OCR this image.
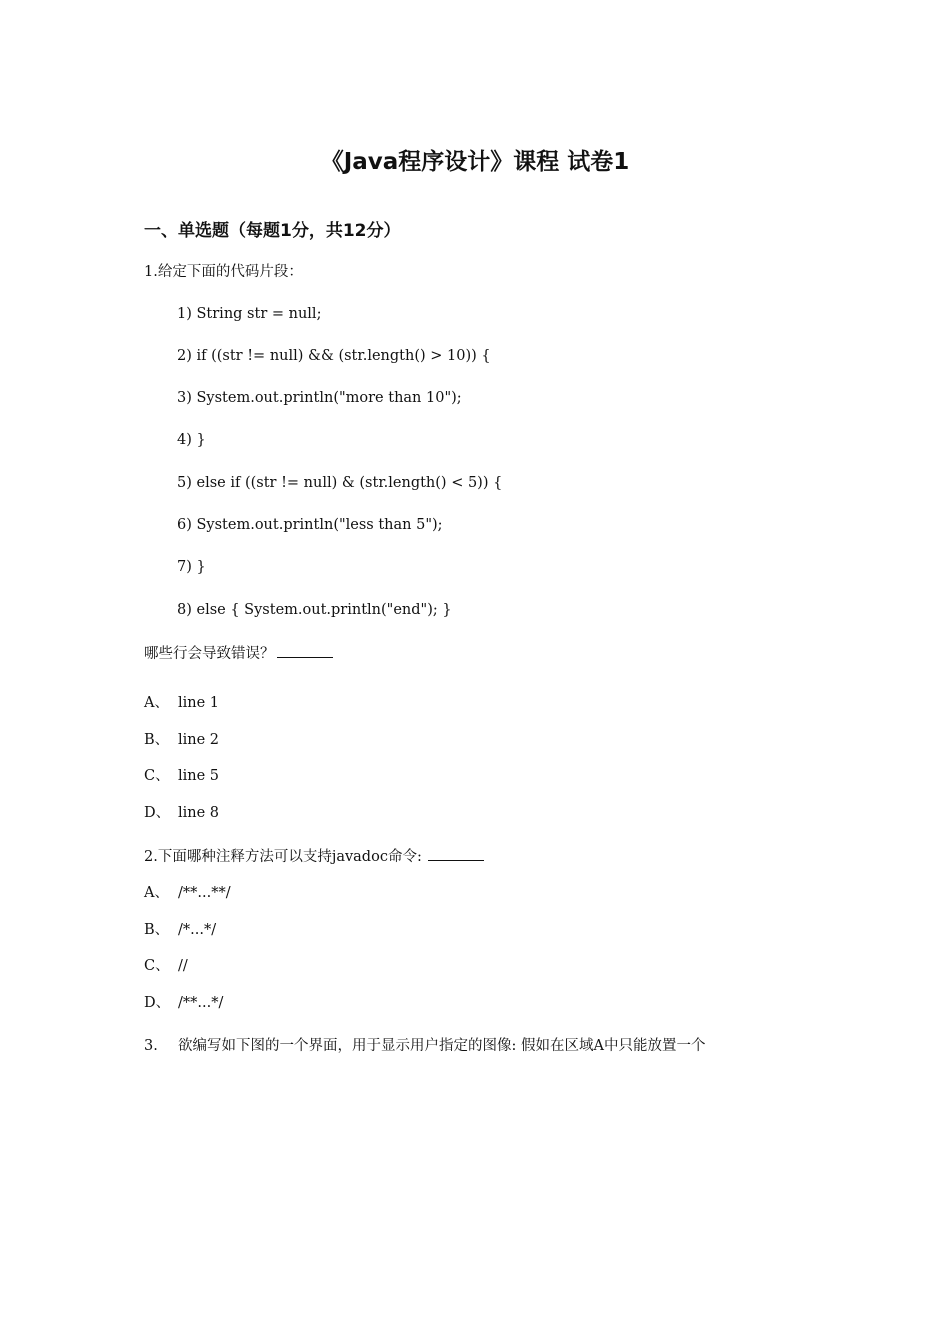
《Java程序设计》课程 试卷1
一、单选题（每题1分，共12分）
1.给定下面的代码片段：
1) String str = null;
2) if ((str != null) && (str.length() > 10)) {
3) System.out.println("more than 10");
4) }
5) else if ((str != null) & (str.length() < 5)) {
6) System.out.println("less than 5");
7) }
8) else { System.out.println("end"); }
哪些行会导致错误？
A、 line 1
B、 line 2
C、 line 5
D、 line 8
2.下面哪种注释方法可以支持javadoc命令:
A、 /**...**/
B、 /*...*/
C、 //
D、 /**...*/
3. 欲编写如下图的一个界面，用于显示用户指定的图像: 假如在区域A中只能放置一个
